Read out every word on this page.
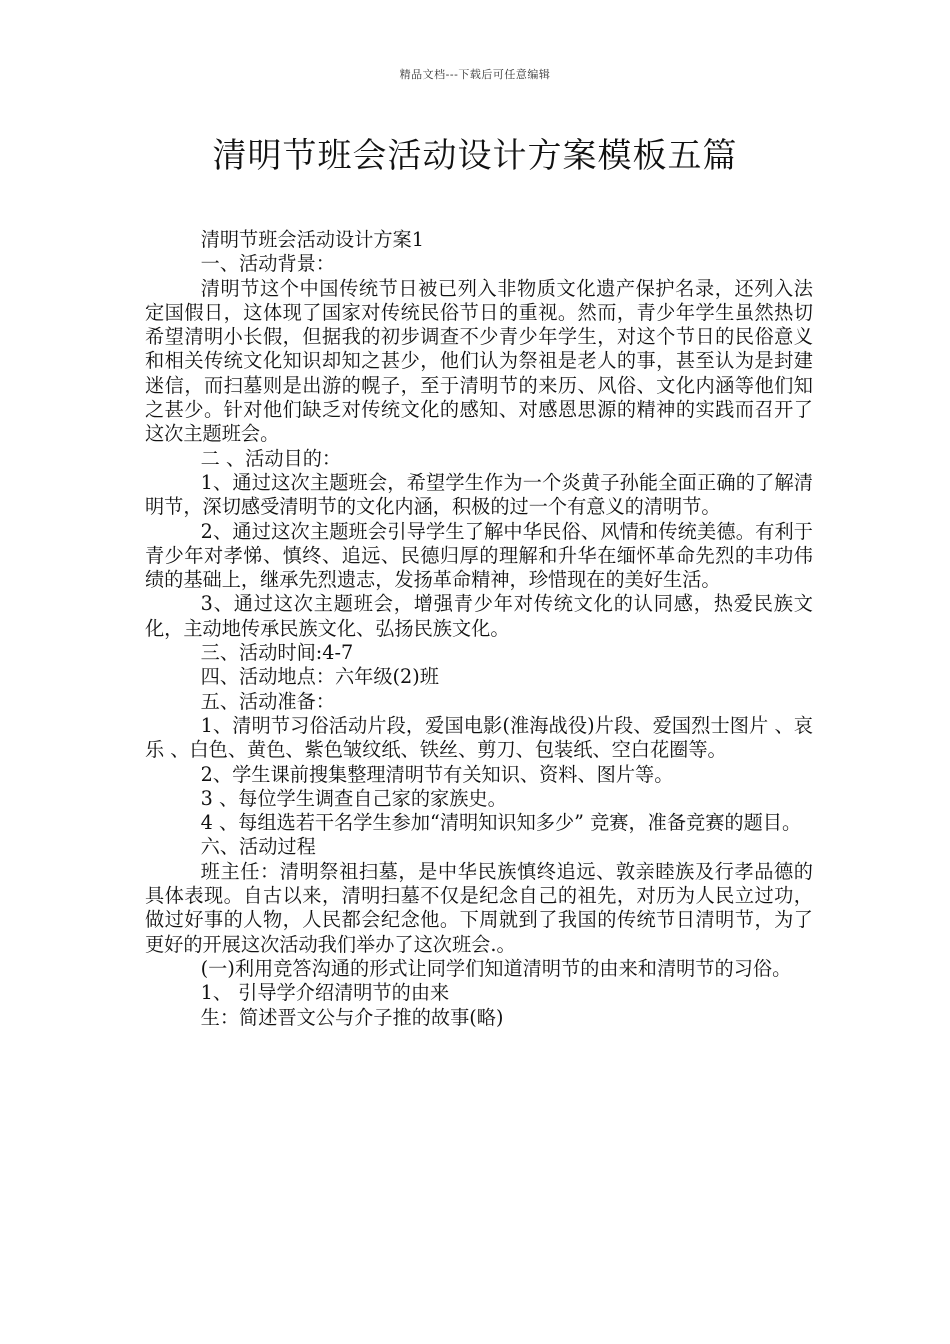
精品文档---下载后可任意编辑
清明节班会活动设计方案模板五篇

清明节班会活动设计方案1

一、活动背景：

清明节这个中国传统节日被已列入非物质文化遗产保护名录，还列入法定国假日，这体现了国家对传统民俗节日的重视。然而，青少年学生虽然热切希望清明小长假，但据我的初步调查不少青少年学生，对这个节日的民俗意义和相关传统文化知识却知之甚少，他们认为祭祖是老人的事，甚至认为是封建迷信，而扫墓则是出游的幌子，至于清明节的来历、风俗、文化内涵等他们知之甚少。针对他们缺乏对传统文化的感知、对感恩思源的精神的实践而召开了这次主题班会。

二 、活动目的：

1、通过这次主题班会，希望学生作为一个炎黄子孙能全面正确的了解清明节，深切感受清明节的文化内涵，积极的过一个有意义的清明节。

2、通过这次主题班会引导学生了解中华民俗、风情和传统美德。有利于青少年对孝悌、慎终、追远、民德归厚的理解和升华在缅怀革命先烈的丰功伟绩的基础上，继承先烈遗志，发扬革命精神，珍惜现在的美好生活。

3、通过这次主题班会，增强青少年对传统文化的认同感，热爱民族文化，主动地传承民族文化、弘扬民族文化。

三、活动时间:4-7

四、活动地点：六年级(2)班

五、活动准备：

1、清明节习俗活动片段，爱国电影(淮海战役)片段、爱国烈士图片 、哀乐 、白色、黄色、紫色皱纹纸、铁丝、剪刀、包装纸、空白花圈等。

2、学生课前搜集整理清明节有关知识、资料、图片等。

3 、每位学生调查自己家的家族史。

4 、每组选若干名学生参加“清明知识知多少” 竞赛，准备竞赛的题目。

六、活动过程

班主任：清明祭祖扫墓，是中华民族慎终追远、敦亲睦族及行孝品德的具体表现。自古以来，清明扫墓不仅是纪念自己的祖先，对历为人民立过功，做过好事的人物，人民都会纪念他。下周就到了我国的传统节日清明节，为了更好的开展这次活动我们举办了这次班会.。

(一)利用竞答沟通的形式让同学们知道清明节的由来和清明节的习俗。

1、 引导学介绍清明节的由来

生：简述晋文公与介子推的故事(略)
